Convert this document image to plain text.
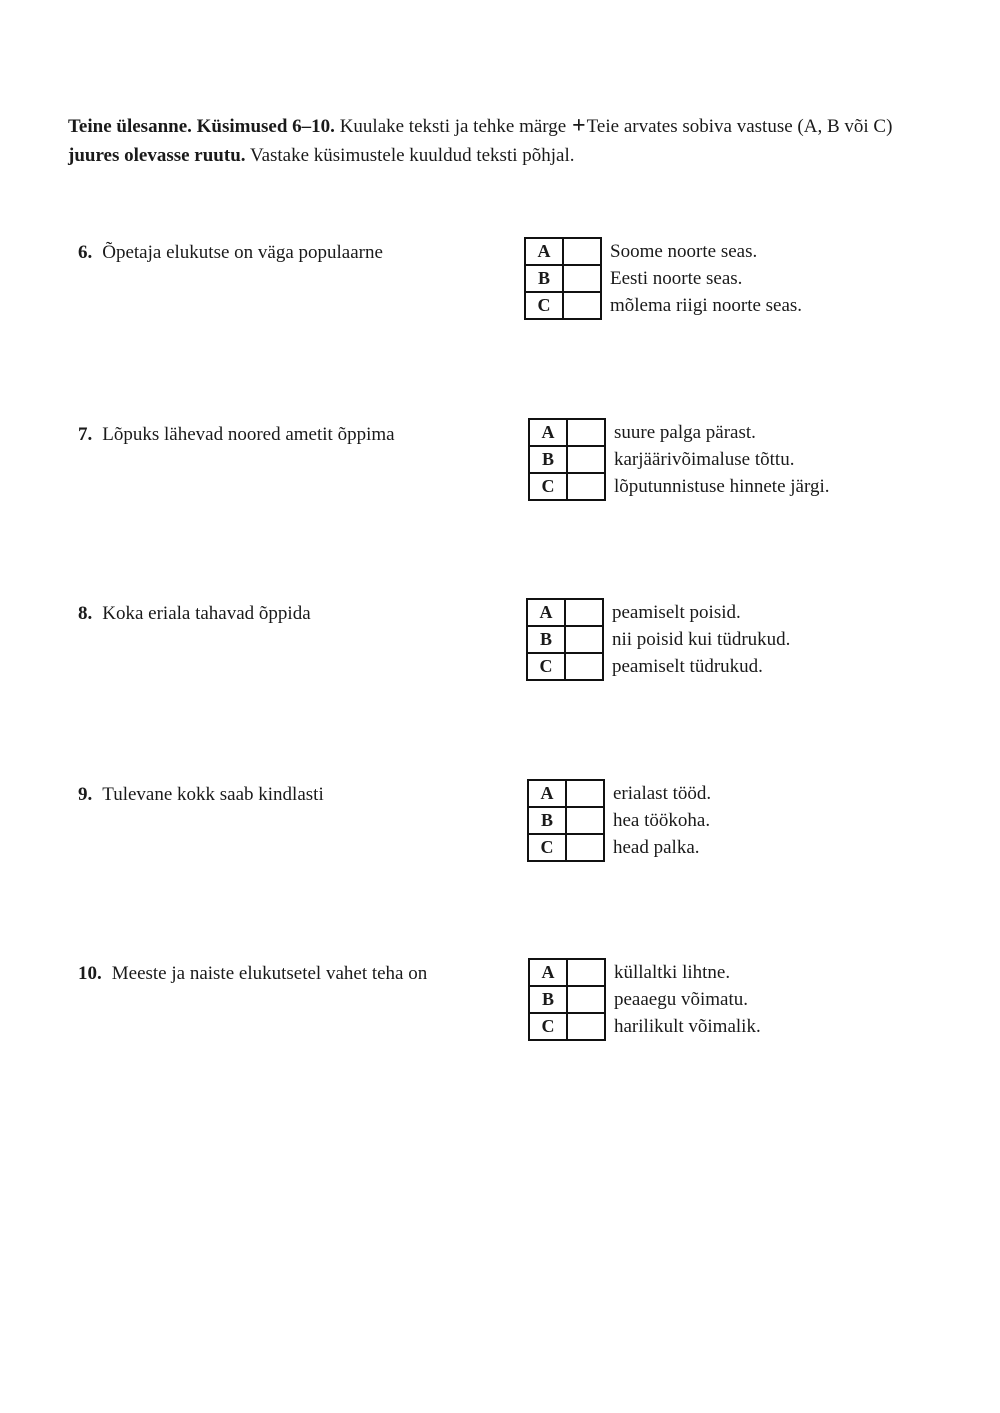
Teine ülesanne. Küsimused 6–10. Kuulake teksti ja tehke märge +Teie arvates sobiva vastuse (A, B või C)
juures olevasse ruutu. Vastake küsimustele kuuldud teksti põhjal.
6. Õpetaja elukutse on väga populaarne	A		Soome noorte seas.
B		Eesti noorte seas.
C		mõlema riigi noorte seas.
7. Lõpuks lähevad noored ametit õppima	A		suure palga pärast.
B		karjäärivõimaluse tõttu.
C		lõputunnistuse hinnete järgi.
8. Koka eriala tahavad õppida	A		peamiselt poisid.
B		nii poisid kui tüdrukud.
C		peamiselt tüdrukud.
9. Tulevane kokk saab kindlasti	A		erialast tööd.
B		hea töökoha.
C		head palka.
10. Meeste ja naiste elukutsetel vahet teha on	A		küllaltki lihtne.
B		peaaegu võimatu.
C		harilikult võimalik.
